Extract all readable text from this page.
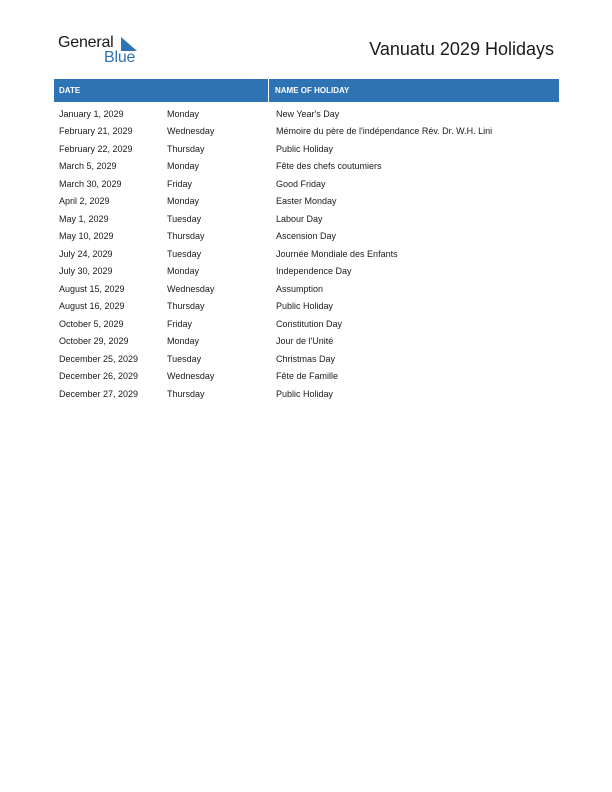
General
Blue	Vanuatu 2029 Holidays
DATE	NAME OF HOLIDAY
January 1, 2029	Monday	New Year's Day
February 21, 2029	Wednesday	Mémoire du père de l'indépendance Rév. Dr. W.H. Lini
February 22, 2029	Thursday	Public Holiday
March 5, 2029	Monday	Fête des chefs coutumiers
March 30, 2029	Friday	Good Friday
April 2, 2029	Monday	Easter Monday
May 1, 2029	Tuesday	Labour Day
May 10, 2029	Thursday	Ascension Day
July 24, 2029	Tuesday	Journée Mondiale des Enfants
July 30, 2029	Monday	Independence Day
August 15, 2029	Wednesday	Assumption
August 16, 2029	Thursday	Public Holiday
October 5, 2029	Friday	Constitution Day
October 29, 2029	Monday	Jour de l'Unité
December 25, 2029	Tuesday	Christmas Day
December 26, 2029	Wednesday	Fête de Famille
December 27, 2029	Thursday	Public Holiday
